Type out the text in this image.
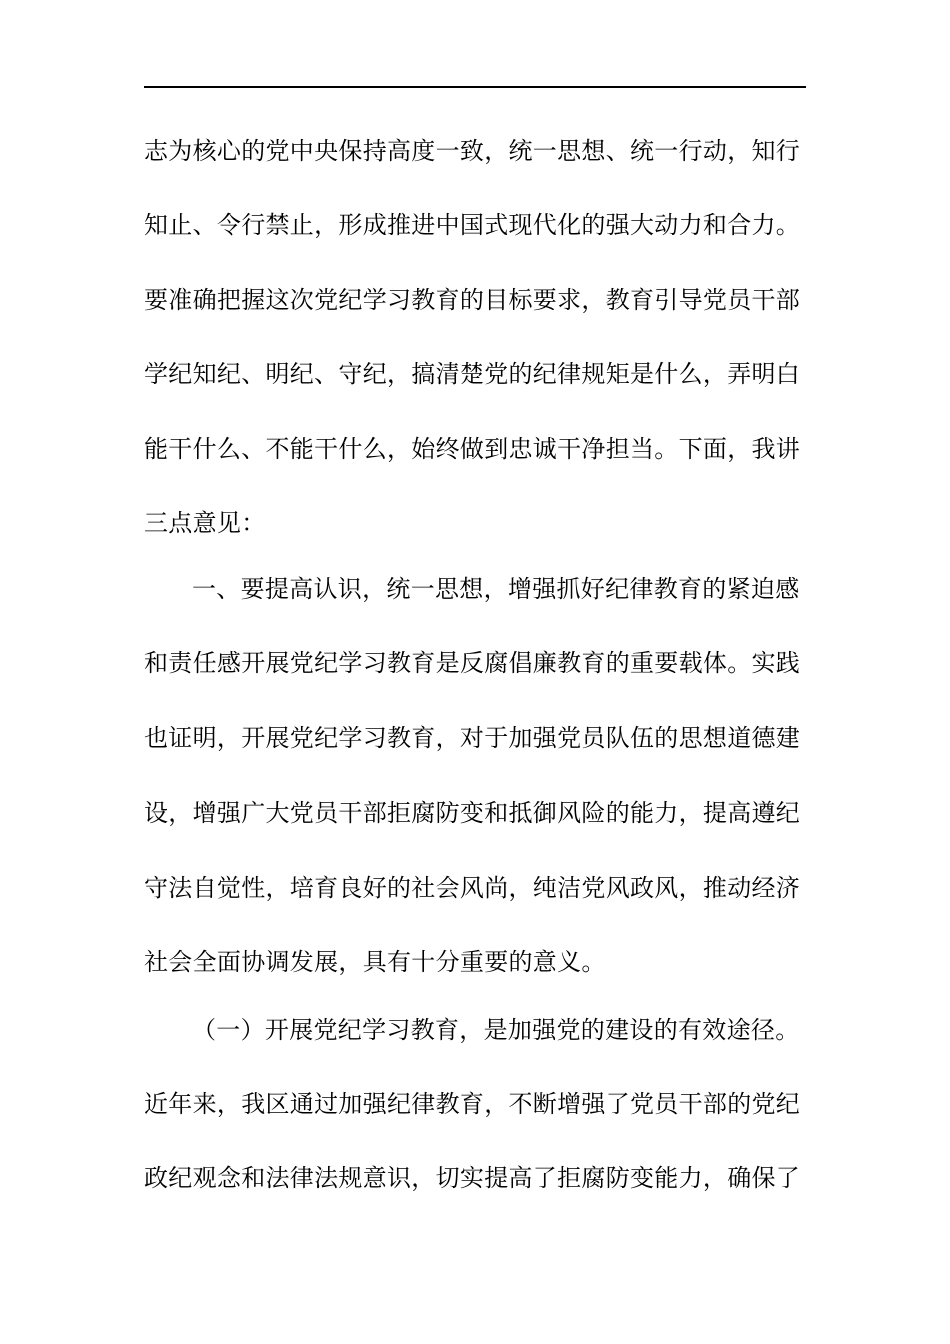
志为核心的党中央保持高度一致，统一思想、统一行动，知行
知止、令行禁止，形成推进中国式现代化的强大动力和合力。
要准确把握这次党纪学习教育的目标要求，教育引导党员干部
学纪知纪、明纪、守纪，搞清楚党的纪律规矩是什么，弄明白
能干什么、不能干什么，始终做到忠诚干净担当。下面，我讲
三点意见：
一、要提高认识，统一思想，增强抓好纪律教育的紧迫感
和责任感开展党纪学习教育是反腐倡廉教育的重要载体。实践
也证明，开展党纪学习教育，对于加强党员队伍的思想道德建
设，增强广大党员干部拒腐防变和抵御风险的能力，提高遵纪
守法自觉性，培育良好的社会风尚，纯洁党风政风，推动经济
社会全面协调发展，具有十分重要的意义。
（一）开展党纪学习教育，是加强党的建设的有效途径。
近年来，我区通过加强纪律教育，不断增强了党员干部的党纪
政纪观念和法律法规意识，切实提高了拒腐防变能力，确保了
